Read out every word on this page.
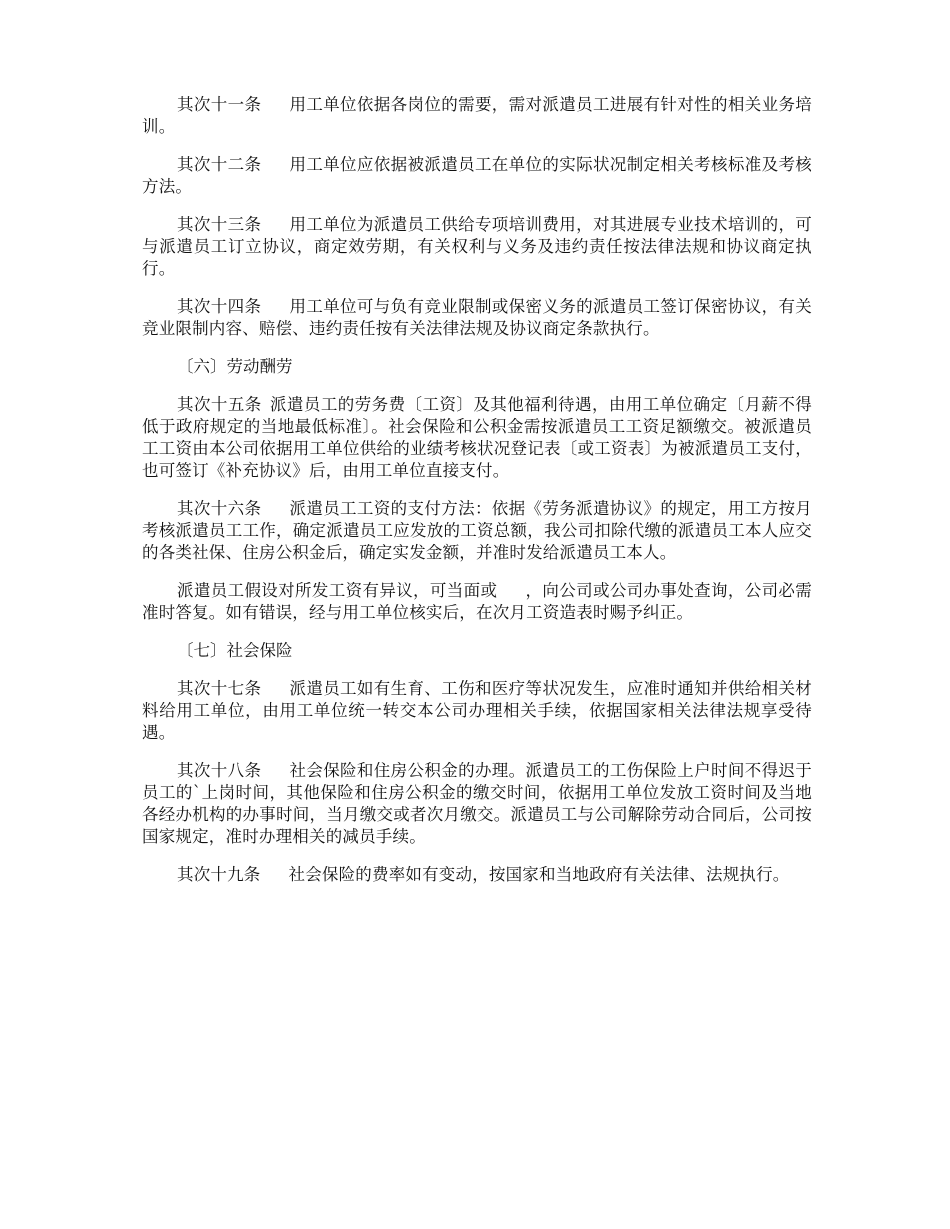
其次十一条 用工单位依据各岗位的需要，需对派遣员工进展有针对性的相关业务培训。

其次十二条 用工单位应依据被派遣员工在单位的实际状况制定相关考核标准及考核方法。

其次十三条 用工单位为派遣员工供给专项培训费用，对其进展专业技术培训的，可与派遣员工订立协议，商定效劳期，有关权利与义务及违约责任按法律法规和协议商定执行。

其次十四条 用工单位可与负有竞业限制或保密义务的派遣员工签订保密协议，有关竞业限制内容、赔偿、违约责任按有关法律法规及协议商定条款执行。

〔六〕劳动酬劳

其次十五条 派遣员工的劳务费〔工资〕及其他福利待遇，由用工单位确定〔月薪不得低于政府规定的当地最低标准〕。社会保险和公积金需按派遣员工工资足额缴交。被派遣员工工资由本公司依据用工单位供给的业绩考核状况登记表〔或工资表〕为被派遣员工支付，也可签订《补充协议》后，由用工单位直接支付。

其次十六条 派遣员工工资的支付方法：依据《劳务派遣协议》的规定，用工方按月考核派遣员工工作，确定派遣员工应发放的工资总额，我公司扣除代缴的派遣员工本人应交的各类社保、住房公积金后，确定实发金额，并准时发给派遣员工本人。

派遣员工假设对所发工资有异议，可当面或 ，向公司或公司办事处查询，公司必需准时答复。如有错误，经与用工单位核实后，在次月工资造表时赐予纠正。

〔七〕社会保险

其次十七条 派遣员工如有生育、工伤和医疗等状况发生，应准时通知并供给相关材料给用工单位，由用工单位统一转交本公司办理相关手续，依据国家相关法律法规享受待遇。

其次十八条 社会保险和住房公积金的办理。派遣员工的工伤保险上户时间不得迟于员工的`上岗时间，其他保险和住房公积金的缴交时间，依据用工单位发放工资时间及当地各经办机构的办事时间，当月缴交或者次月缴交。派遣员工与公司解除劳动合同后，公司按国家规定，准时办理相关的减员手续。

其次十九条 社会保险的费率如有变动，按国家和当地政府有关法律、法规执行。
